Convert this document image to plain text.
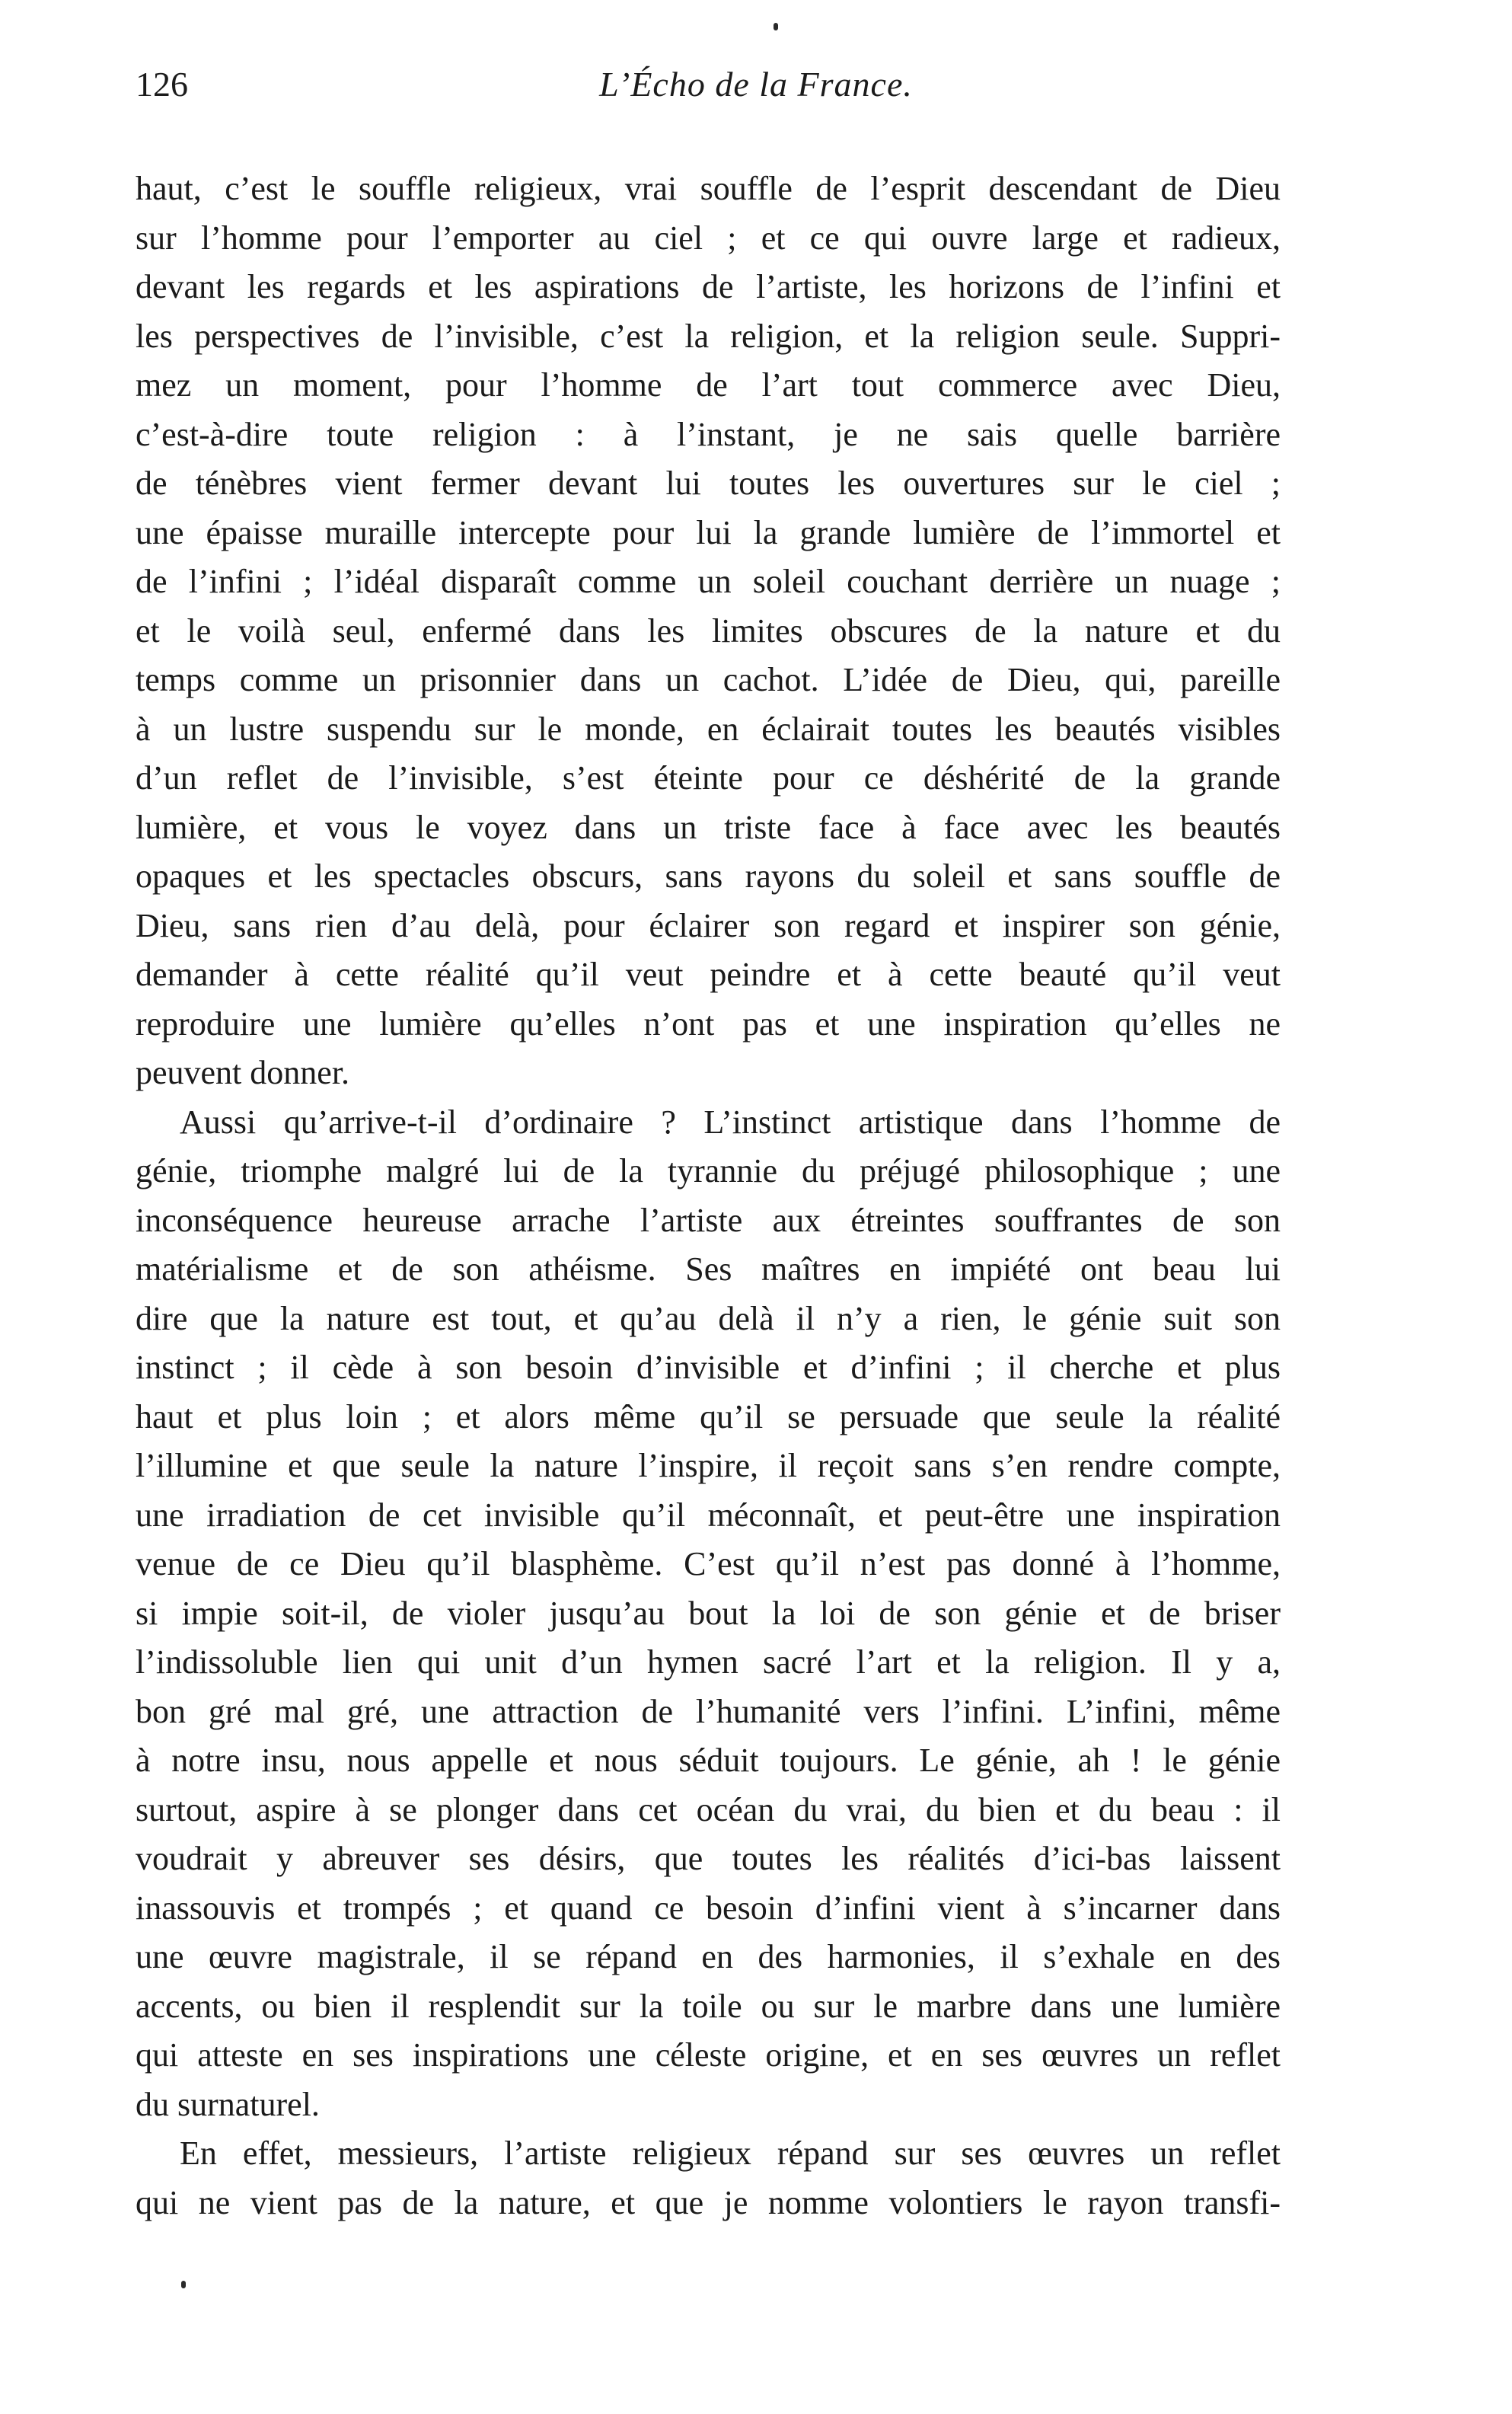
126	L’Écho de la France.
haut, c’est le souffle religieux, vrai souffle de l’esprit descendant de Dieu
sur l’homme pour l’emporter au ciel ; et ce qui ouvre large et radieux,
devant les regards et les aspirations de l’artiste, les horizons de l’infini et
les perspectives de l’invisible, c’est la religion, et la religion seule. Suppri-
mez un moment, pour l’homme de l’art tout commerce avec Dieu,
c’est-à-dire toute religion : à l’instant, je ne sais quelle barrière
de ténèbres vient fermer devant lui toutes les ouvertures sur le ciel ;
une épaisse muraille intercepte pour lui la grande lumière de l’immortel et
de l’infini ; l’idéal disparaît comme un soleil couchant derrière un nuage ;
et le voilà seul, enfermé dans les limites obscures de la nature et du
temps comme un prisonnier dans un cachot. L’idée de Dieu, qui, pareille
à un lustre suspendu sur le monde, en éclairait toutes les beautés visibles
d’un reflet de l’invisible, s’est éteinte pour ce déshérité de la grande
lumière, et vous le voyez dans un triste face à face avec les beautés
opaques et les spectacles obscurs, sans rayons du soleil et sans souffle de
Dieu, sans rien d’au delà, pour éclairer son regard et inspirer son génie,
demander à cette réalité qu’il veut peindre et à cette beauté qu’il veut
reproduire une lumière qu’elles n’ont pas et une inspiration qu’elles ne
peuvent donner.
Aussi qu’arrive-t-il d’ordinaire ? L’instinct artistique dans l’homme de
génie, triomphe malgré lui de la tyrannie du préjugé philosophique ; une
inconséquence heureuse arrache l’artiste aux étreintes souffrantes de son
matérialisme et de son athéisme. Ses maîtres en impiété ont beau lui
dire que la nature est tout, et qu’au delà il n’y a rien, le génie suit son
instinct ; il cède à son besoin d’invisible et d’infini ; il cherche et plus
haut et plus loin ; et alors même qu’il se persuade que seule la réalité
l’illumine et que seule la nature l’inspire, il reçoit sans s’en rendre compte,
une irradiation de cet invisible qu’il méconnaît, et peut-être une inspiration
venue de ce Dieu qu’il blasphème. C’est qu’il n’est pas donné à l’homme,
si impie soit-il, de violer jusqu’au bout la loi de son génie et de briser
l’indissoluble lien qui unit d’un hymen sacré l’art et la religion. Il y a,
bon gré mal gré, une attraction de l’humanité vers l’infini. L’infini, même
à notre insu, nous appelle et nous séduit toujours. Le génie, ah ! le génie
surtout, aspire à se plonger dans cet océan du vrai, du bien et du beau : il
voudrait y abreuver ses désirs, que toutes les réalités d’ici-bas laissent
inassouvis et trompés ; et quand ce besoin d’infini vient à s’incarner dans
une œuvre magistrale, il se répand en des harmonies, il s’exhale en des
accents, ou bien il resplendit sur la toile ou sur le marbre dans une lumière
qui atteste en ses inspirations une céleste origine, et en ses œuvres un reflet
du surnaturel.
En effet, messieurs, l’artiste religieux répand sur ses œuvres un reflet
qui ne vient pas de la nature, et que je nomme volontiers le rayon transfi-
